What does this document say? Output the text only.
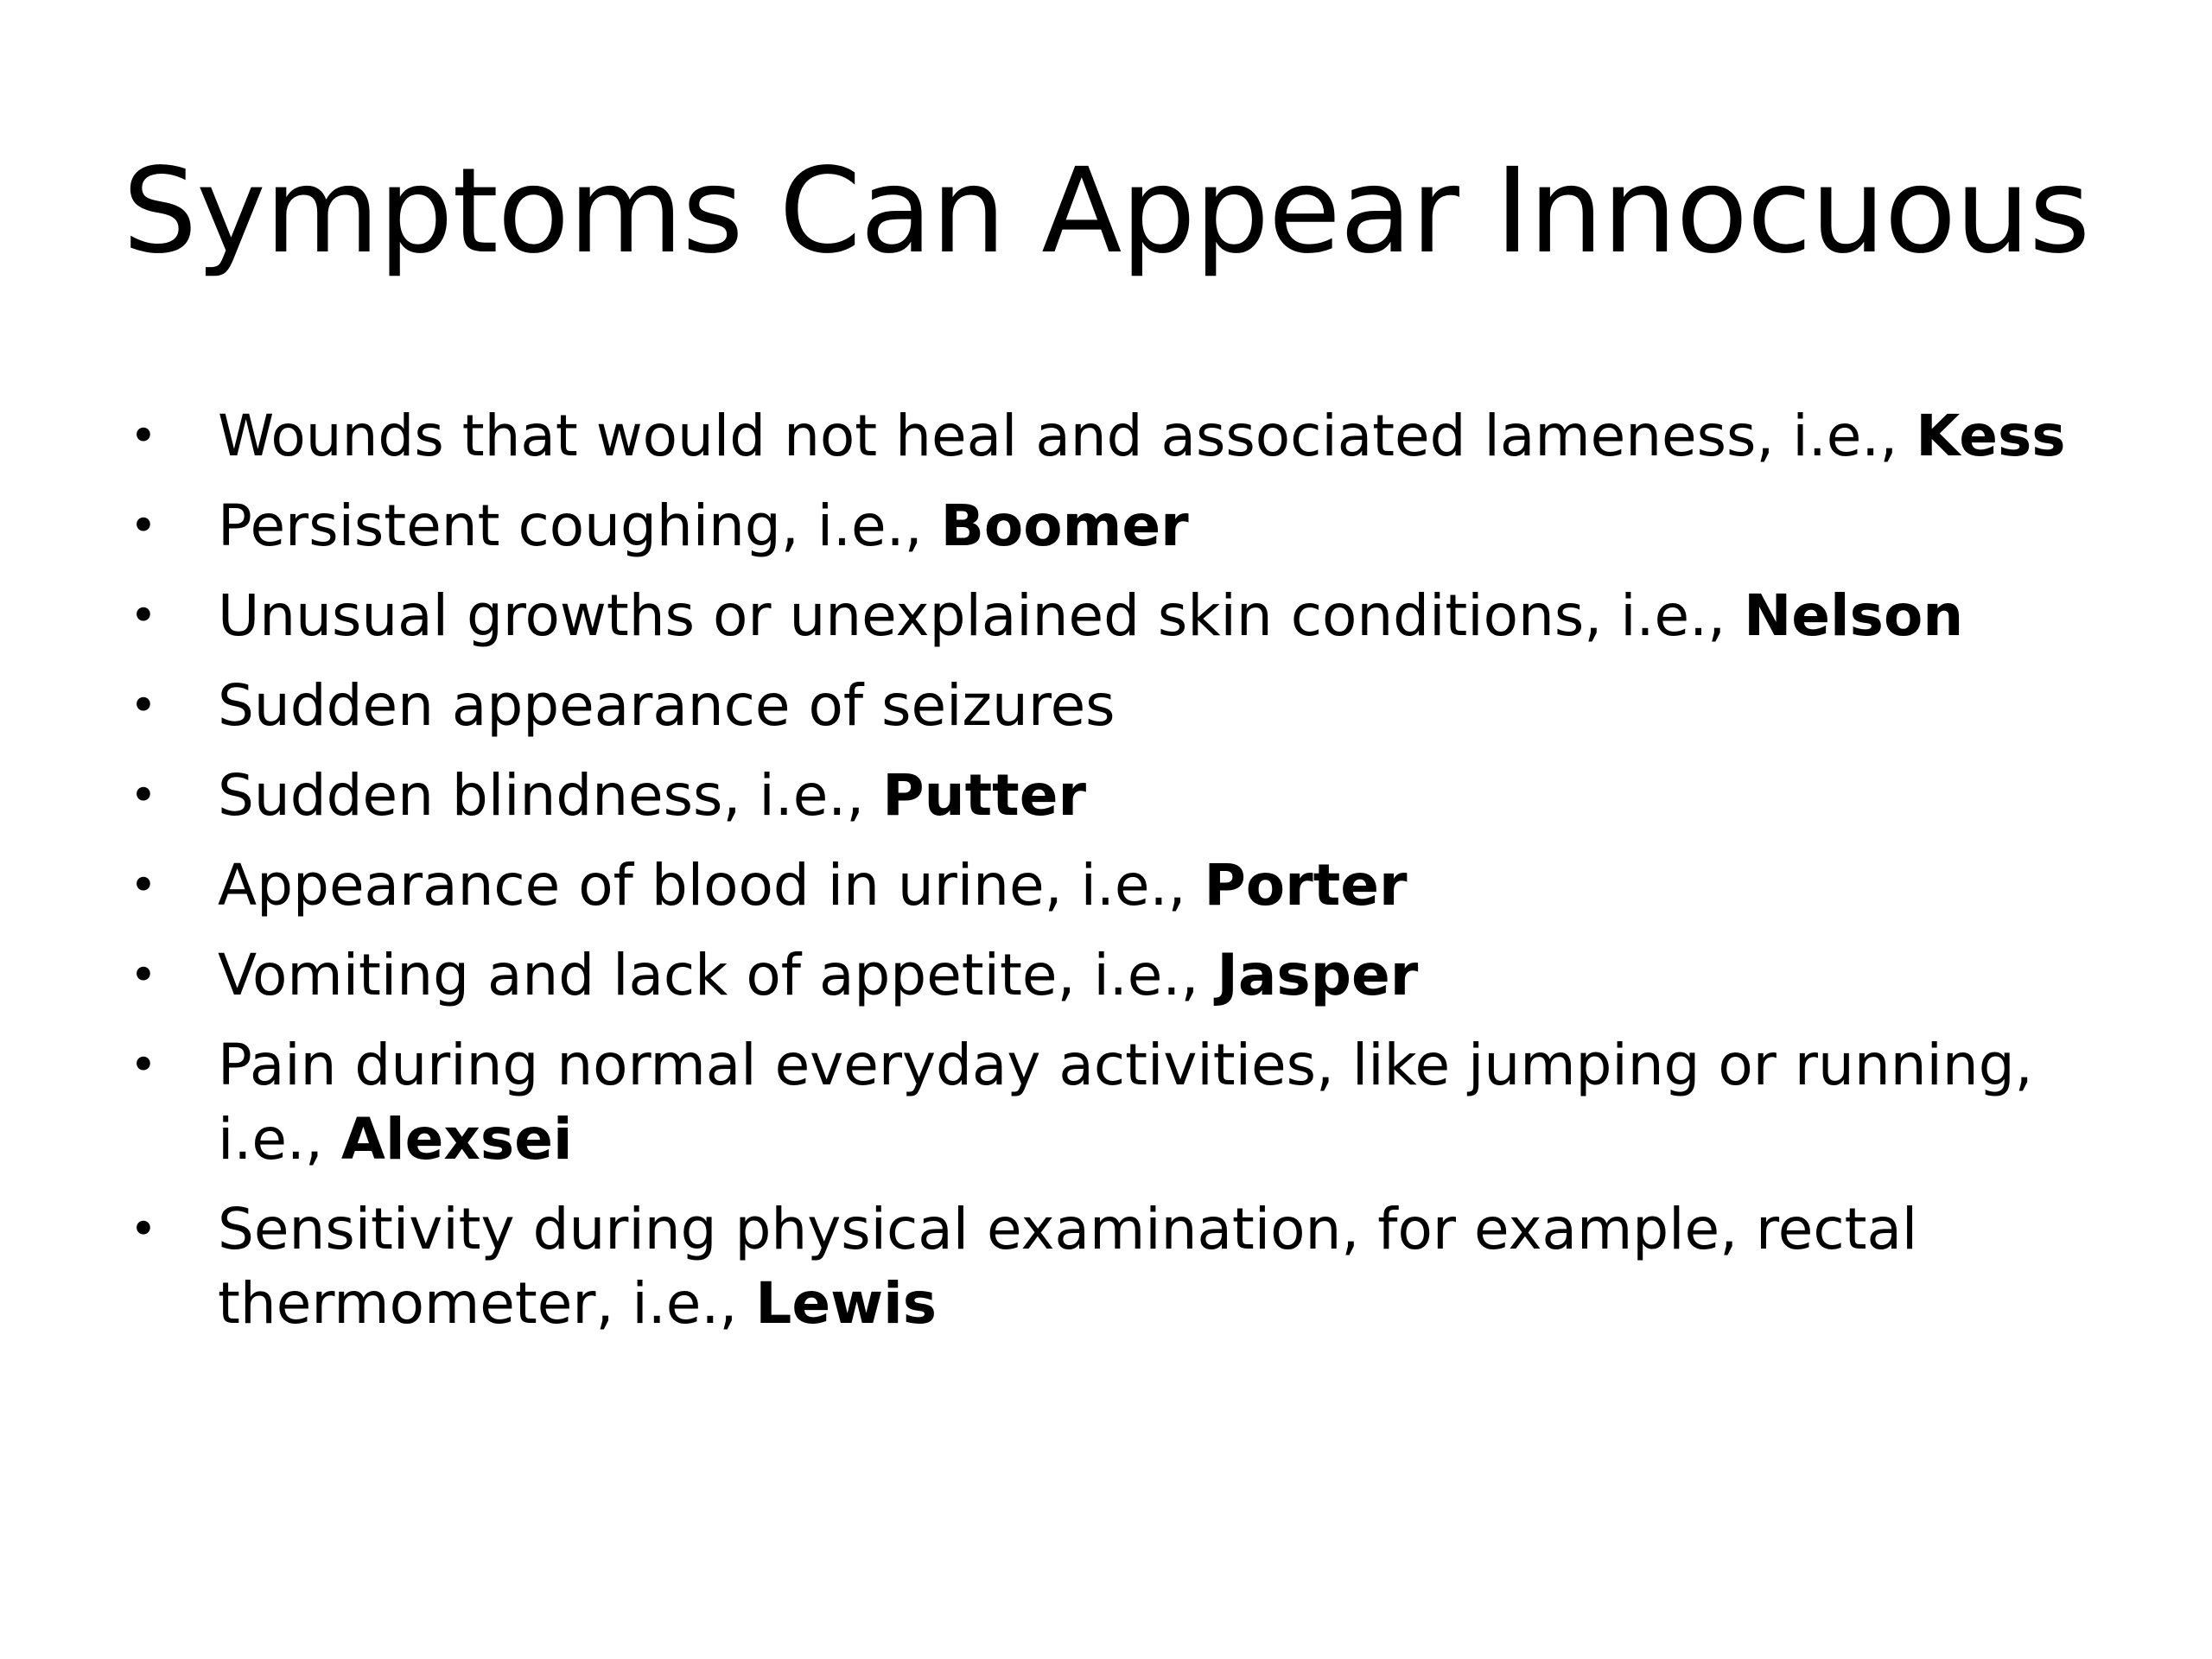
Symptoms Can Appear Innocuous
• Wounds that would not heal and associated lameness, i.e., Kess
• Persistent coughing, i.e., Boomer
• Unusual growths or unexplained skin conditions, i.e., Nelson
• Sudden appearance of seizures
• Sudden blindness, i.e., Putter
• Appearance of blood in urine, i.e., Porter
• Vomiting and lack of appetite, i.e., Jasper
• Pain during normal everyday activities, like jumping or running, i.e., Alexsei
• Sensitivity during physical examination, for example, rectal thermometer, i.e., Lewis
